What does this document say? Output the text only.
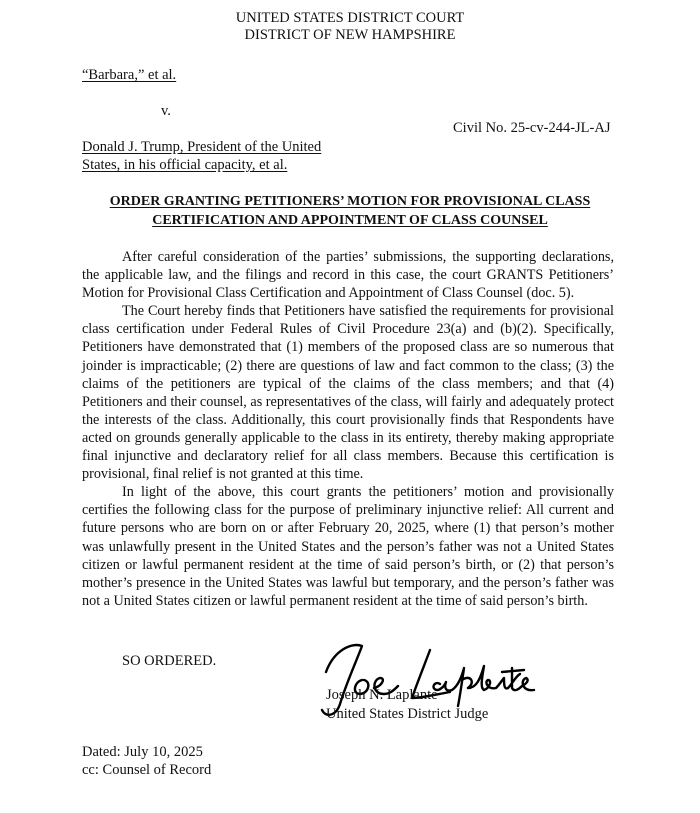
UNITED STATES DISTRICT COURT
DISTRICT OF NEW HAMPSHIRE
“Barbara,” et al.
v.
Civil No. 25-cv-244-JL-AJ
Donald J. Trump, President of the United
States, in his official capacity, et al.
ORDER GRANTING PETITIONERS’ MOTION FOR PROVISIONAL CLASS
CERTIFICATION AND APPOINTMENT OF CLASS COUNSEL

After careful consideration of the parties’ submissions, the supporting declarations, the applicable law, and the filings and record in this case, the court GRANTS Petitioners’ Motion for Provisional Class Certification and Appointment of Class Counsel (doc. 5).

The Court hereby finds that Petitioners have satisfied the requirements for provisional class certification under Federal Rules of Civil Procedure 23(a) and (b)(2). Specifically, Petitioners have demonstrated that (1) members of the proposed class are so numerous that joinder is impracticable; (2) there are questions of law and fact common to the class; (3) the claims of the petitioners are typical of the claims of the class members; and that (4) Petitioners and their counsel, as representatives of the class, will fairly and adequately protect the interests of the class. Additionally, this court provisionally finds that Respondents have acted on grounds generally applicable to the class in its entirety, thereby making appropriate final injunctive and declaratory relief for all class members. Because this certification is provisional, final relief is not granted at this time.

In light of the above, this court grants the petitioners’ motion and provisionally certifies the following class for the purpose of preliminary injunctive relief: All current and future persons who are born on or after February 20, 2025, where (1) that person’s mother was unlawfully present in the United States and the person’s father was not a United States citizen or lawful permanent resident at the time of said person’s birth, or (2) that person’s mother’s presence in the United States was lawful but temporary, and the person’s father was not a United States citizen or lawful permanent resident at the time of said person’s birth.

SO ORDERED.
Joseph N. Laplante
United States District Judge
Dated: July 10, 2025
cc: Counsel of Record
